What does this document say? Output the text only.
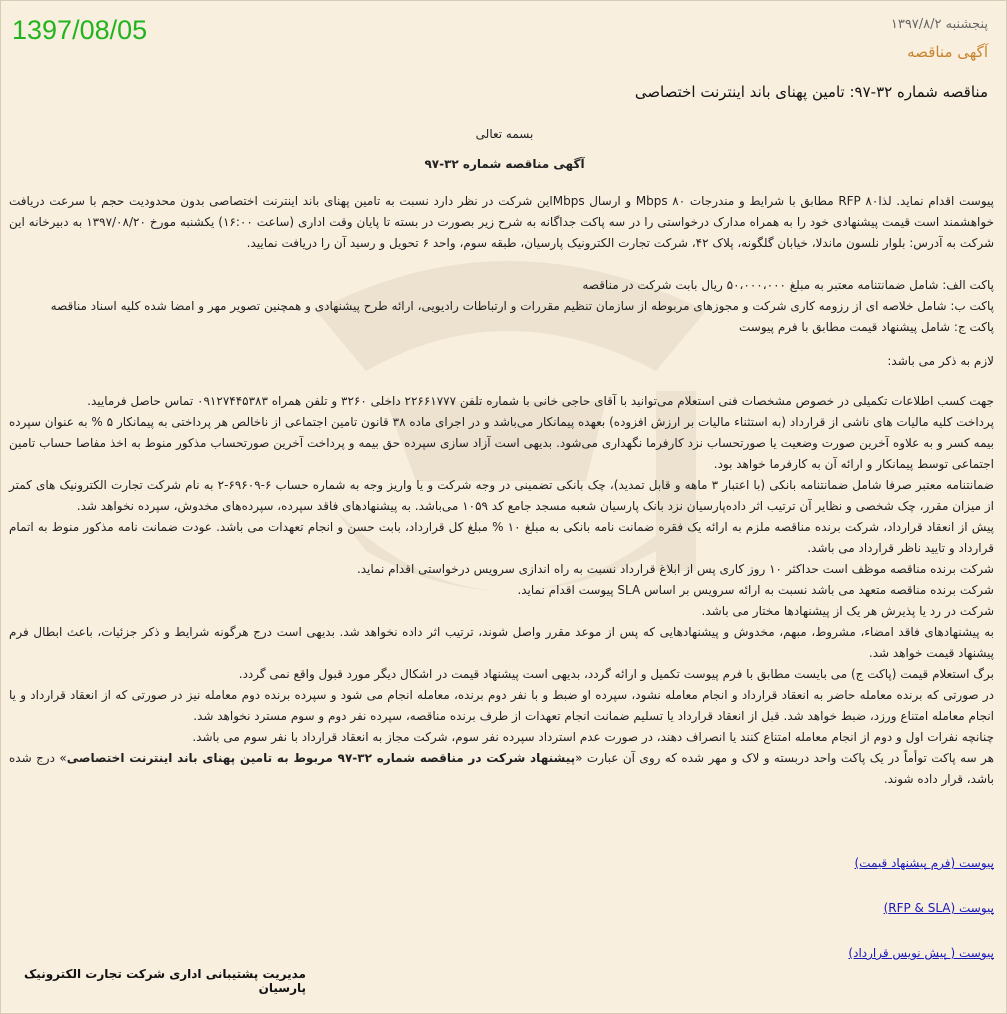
1397/08/05	پنجشنبه ۱۳۹۷/۸/۲
آگهی مناقصه
مناقصه شماره ۳۲-۹۷: تامین پهنای باند اینترنت اختصاصی
بسمه تعالی
آگهی مناقصه شماره ۳۲-۹۷

پیوست اقدام نماید. لذاRFP ۸۰ مطابق با شرایط و مندرجات Mbps ۸۰ و ارسال Mbpsاین شرکت در نظر دارد نسبت به تامین پهنای باند اینترنت اختصاصی بدون محدودیت حجم با سرعت دریافت خواهشمند است قیمت پیشنهادی خود را به همراه مدارک درخواستی را در سه پاکت جداگانه به شرح زیر بصورت در بسته تا پایان وقت اداری (ساعت ۱۶:۰۰) یکشنبه مورخ ۱۳۹۷/۰۸/۲۰ به دبیرخانه این شرکت به آدرس: بلوار نلسون ماندلا، خیابان گلگونه، پلاک ۴۲، شرکت تجارت الکترونیک پارسیان، طبقه سوم، واحد ۶ تحویل و رسید آن را دریافت نمایید.

پاکت الف: شامل ضمانتنامه معتبر به مبلغ ۵۰،۰۰۰،۰۰۰ ریال بابت شرکت در مناقصه

پاکت ب: شامل خلاصه ای از رزومه کاری شرکت و مجوزهای مربوطه از سازمان تنظیم مقررات و ارتباطات رادیویی، ارائه طرح پیشنهادی و همچنین تصویر مهر و امضا شده کلیه اسناد مناقصه

پاکت ج: شامل پیشنهاد قیمت مطابق با فرم پیوست

لازم به ذکر می باشد:

جهت کسب اطلاعات تکمیلی در خصوص مشخصات فنی استعلام می‌توانید با آقای حاجی خانی با شماره تلفن ۲۲۶۶۱۷۷۷ داخلی ۳۲۶۰ و تلفن همراه ۰۹۱۲۷۴۴۵۳۸۳ تماس حاصل فرمایید.

پرداخت کلیه مالیات های ناشی از قرارداد (به استثناء مالیات بر ارزش افزوده) بعهده پیمانکار می‌باشد و در اجرای ماده ۳۸ قانون تامین اجتماعی از ناخالص هر پرداختی به پیمانکار ۵ % به عنوان سپرده بیمه کسر و به علاوه آخرین صورت وضعیت یا صورتحساب نزد کارفرما نگهداری می‌شود. بدیهی است آزاد سازی سپرده حق بیمه و پرداخت آخرین صورتحساب مذکور منوط به اخذ مفاصا حساب تامین اجتماعی توسط پیمانکار و ارائه آن به کارفرما خواهد بود.

ضمانتنامه معتبر صرفا شامل ضمانتنامه بانکی (با اعتبار ۳ ماهه و قابل تمدید)، چک بانکی تضمینی در وجه شرکت و یا واریز وجه به شماره حساب ۶-۶۹۶۰۹-۲ به نام شرکت تجارت الکترونیک های کمتر از میزان مقرر، چک شخصی و نظایر آن ترتیب اثر داده‌پارسیان نزد بانک پارسیان شعبه مسجد جامع کد ۱۰۵۹ می‌باشد. به پیشنهادهای فاقد سپرده، سپرده‌های مخدوش، سپرده نخواهد شد.

پیش از انعقاد قرارداد، شرکت برنده مناقصه ملزم به ارائه یک فقره ضمانت نامه بانکی به مبلغ ۱۰ % مبلغ کل قرارداد، بابت حسن و انجام تعهدات می باشد. عودت ضمانت نامه مذکور منوط به اتمام قرارداد و تایید ناظر قرارداد می باشد.

شرکت برنده مناقصه موظف است حداکثر ۱۰ روز کاری پس از ابلاغ قرارداد نسبت به راه اندازی سرویس درخواستی اقدام نماید.

شرکت برنده مناقصه متعهد می باشد نسبت به ارائه سرویس بر اساس SLA پیوست اقدام نماید.

شرکت در رد یا پذیرش هر یک از پیشنهادها مختار می باشد.

به پیشنهادهای فاقد امضاء، مشروط، مبهم، مخدوش و پیشنهادهایی که پس از موعد مقرر واصل شوند، ترتیب اثر داده نخواهد شد. بدیهی است درج هرگونه شرایط و ذکر جزئیات، باعث ابطال فرم پیشنهاد قیمت خواهد شد.

برگ استعلام قیمت (پاکت ج) می بایست مطابق با فرم پیوست تکمیل و ارائه گردد، بدیهی است پیشنهاد قیمت در اشکال دیگر مورد قبول واقع نمی گردد.

در صورتی که برنده معامله حاضر به انعقاد قرارداد و انجام معامله نشود، سپرده او ضبط و با نفر دوم برنده، معامله انجام می شود و سپرده برنده دوم معامله نیز در صورتی که از انعقاد قرارداد و یا انجام معامله امتناع ورزد، ضبط خواهد شد. قبل از انعقاد قرارداد یا تسلیم ضمانت انجام تعهدات از طرف برنده مناقصه، سپرده نفر دوم و سوم مسترد نخواهد شد.

چنانچه نفرات اول و دوم از انجام معامله امتناع کنند یا انصراف دهند، در صورت عدم استرداد سپرده نفر سوم، شرکت مجاز به انعقاد قرارداد با نفر سوم می باشد.

هر سه پاکت توأماً در یک پاکت واحد دربسته و لاک و مهر شده که روی آن عبارت «پیشنهاد شرکت در مناقصه شماره ۳۲-۹۷ مربوط به تامین پهنای باند اینترنت اختصاصی» درج شده باشد، قرار داده شوند.

پیوست (فرم پیشنهاد قیمت)
پیوست (RFP & SLA)
پیوست ( پیش نویس قرارداد)
مدیریت پشتیبانی اداری شرکت تجارت الکترونیک پارسیان
